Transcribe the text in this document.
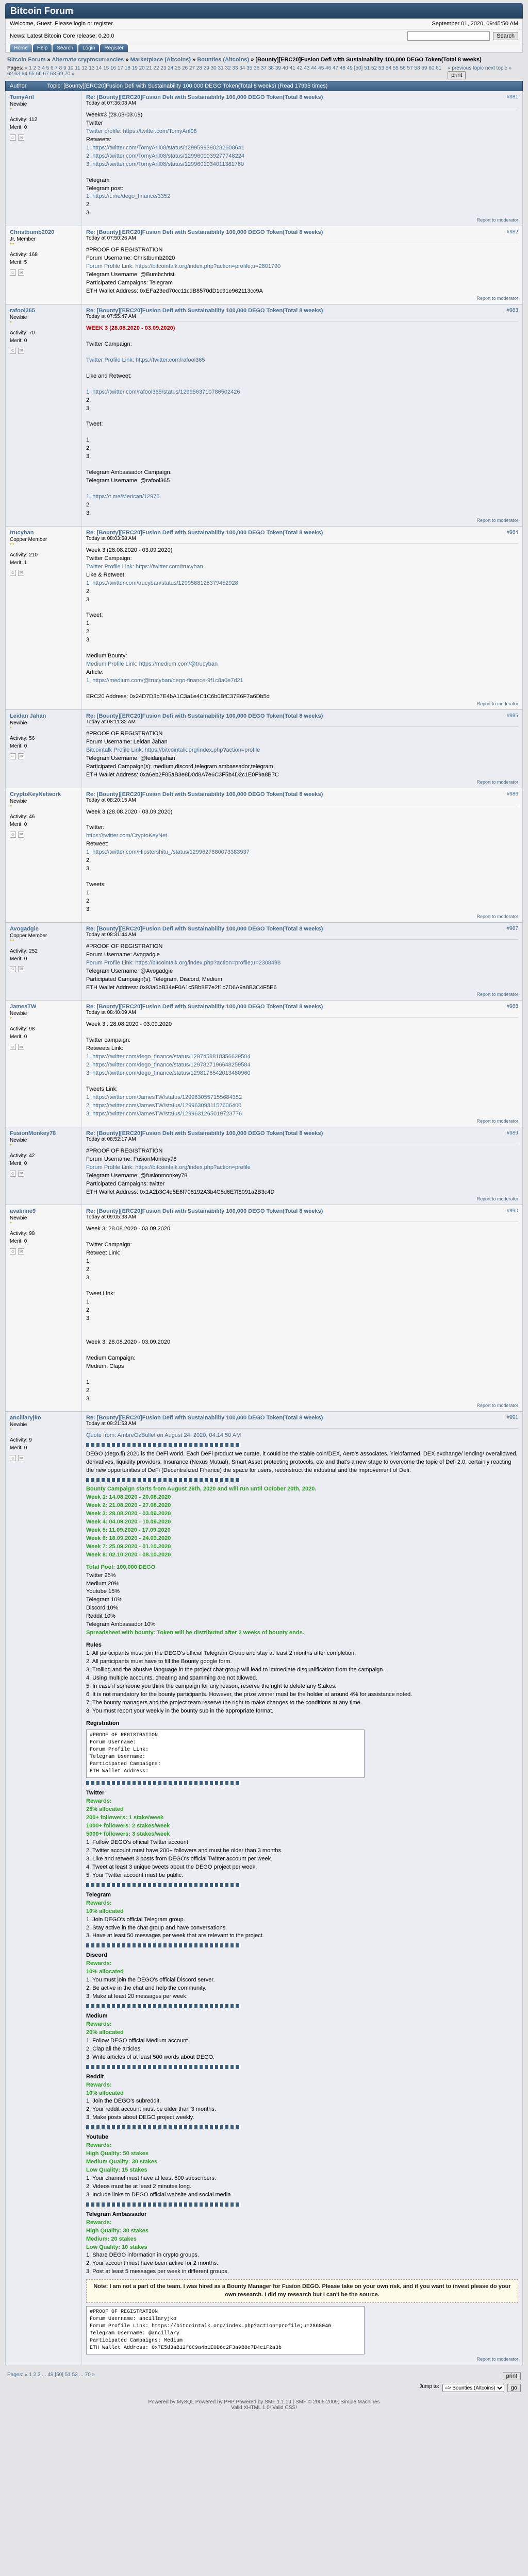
Bitcoin Forum
Welcome, Guest. Please login or register.	September 01, 2020, 09:45:50 AM
News: Latest Bitcoin Core release: 0.20.0	Search
Home	Help	Search	Login	Register
Bitcoin Forum » Alternate cryptocurrencies » Marketplace (Altcoins) » Bounties (Altcoins) » [Bounty][ERC20]Fusion Defi with Sustainability 100,000 DEGO Token(Total 8 weeks)
Pages: « 1 2 3 4 5 6 7 8 9 10 11 12 13 14 15 16 17 18 19 20 21 22 23 24 25 26 27 28 29 30 31 32 33 34 35 36 37 38 39 40 41 42 43 44 45 46 47 48 49 [50] 51 52 53 54 55 56 57 58 59 60 61 62 63 64 65 66 67 68 69 70 »
« previous topic next topic » print
Author	Topic: [Bounty][ERC20]Fusion Defi with Sustainability 100,000 DEGO Token(Total 8 weeks) (Read 17995 times)
TomyAril
Newbie
*
Activity: 112
Merit: 0
☺	✉
Re: [Bounty][ERC20]Fusion Defi with Sustainability 100,000 DEGO Token(Total 8 weeks)
Today at 07:36:03 AM
#981
Week#3 (28.08-03.09)
Twitter
Twitter profile: https://twitter.com/TomyAril08
Retweets:
1. https://twitter.com/TomyAril08/status/1299599390282608641
2. https://twitter.com/TomyAril08/status/1299600039277748224
3. https://twitter.com/TomyAril08/status/1299601034011381760
Telegram
Telegram post:
1. https://t.me/dego_finance/3352
2.
3.
Report to moderator
Christbumb2020
Jr. Member
**
Activity: 168
Merit: 5
☺	✉
Re: [Bounty][ERC20]Fusion Defi with Sustainability 100,000 DEGO Token(Total 8 weeks)
Today at 07:50:26 AM
#982
#PROOF OF REGISTRATION
Forum Username: Christbumb2020
Forum Profile Link: https://bitcointalk.org/index.php?action=profile;u=2801790
Telegram Username: @Bumbchrist
Participated Campaigns: Telegram
ETH Wallet Address: 0xEFa23ed70cc11cdB8570dD1c91e962113cc9A
Report to moderator
rafool365
Newbie
*
Activity: 70
Merit: 0
☺	✉
Re: [Bounty][ERC20]Fusion Defi with Sustainability 100,000 DEGO Token(Total 8 weeks)
Today at 07:55:47 AM
#983
WEEK 3 (28.08.2020 - 03.09.2020)
Twitter Campaign:
Twitter Profile Link: https://twitter.com/rafool365
Like and Retweet:
1. https://twitter.com/rafool365/status/1299563710786502426
2.
3.
Tweet:
1.
2.
3.
Telegram Ambassador Campaign:
Telegram Username: @rafool365
1. https://t.me/Merican/12975
2.
3.
Report to moderator
trucyban
Copper Member
**
Activity: 210
Merit: 1
☺	✉
Re: [Bounty][ERC20]Fusion Defi with Sustainability 100,000 DEGO Token(Total 8 weeks)
Today at 08:03:58 AM
#984
Week 3 (28.08.2020 - 03.09.2020)
Twitter Campaign:
Twitter Profile Link: https://twitter.com/trucyban
Like & Retweet:
1. https://twitter.com/trucyban/status/1299588125379452928
2.
3.
Tweet:
1.
2.
3.
Medium Bounty:
Medium Profile Link: https://medium.com/@trucyban
Article:
1. https://medium.com/@trucyban/dego-finance-9f1c8a0e7d21
ERC20 Address: 0x24D7D3b7E4bA1C3a1e4C1C6b0BfC37E6F7a6Db5d
Report to moderator
Leidan Jahan
Newbie
*
Activity: 56
Merit: 0
☺	✉
Re: [Bounty][ERC20]Fusion Defi with Sustainability 100,000 DEGO Token(Total 8 weeks)
Today at 08:11:32 AM
#985
#PROOF OF REGISTRATION
Forum Username: Leidan Jahan
Bitcointalk Profile Link: https://bitcointalk.org/index.php?action=profile
Telegram Username: @leidanjahan
Participated Campaign(s): medium,discord,telegram ambassador,telegram
ETH Wallet Address: 0xa6eb2F85aB3e8D0d8A7e6C3F5b4D2c1E0F9a8B7C
Report to moderator
CryptoKeyNetwork
Newbie
*
Activity: 46
Merit: 0
☺	✉
Re: [Bounty][ERC20]Fusion Defi with Sustainability 100,000 DEGO Token(Total 8 weeks)
Today at 08:20:15 AM
#986
Week 3 (28.08.2020 - 03.09.2020)
Twitter:
https://twitter.com/CryptoKeyNet
Retweet:
1. https://twitter.com/Hipstershitu_/status/1299627880073383937
2.
3.
Tweets:
1.
2.
3.
Report to moderator
Avogadgie
Copper Member
**
Activity: 252
Merit: 0
☺	✉
Re: [Bounty][ERC20]Fusion Defi with Sustainability 100,000 DEGO Token(Total 8 weeks)
Today at 08:31:44 AM
#987
#PROOF OF REGISTRATION
Forum Username: Avogadgie
Forum Profile Link: https://bitcointalk.org/index.php?action=profile;u=2308498
Telegram Username: @Avogadgie
Participated Campaign(s): Telegram, Discord, Medium
ETH Wallet Address: 0x93a6bB34eF0A1c5Bb8E7e2f1c7D6A9a8B3C4F5E6
Report to moderator
JamesTW
Newbie
*
Activity: 98
Merit: 0
☺	✉
Re: [Bounty][ERC20]Fusion Defi with Sustainability 100,000 DEGO Token(Total 8 weeks)
Today at 08:40:09 AM
#988
Week 3 : 28.08.2020 - 03.09.2020
Twitter campaign:
Retweets Link:
1. https://twitter.com/dego_finance/status/1297458818356629504
2. https://twitter.com/dego_finance/status/1297827196648259584
3. https://twitter.com/dego_finance/status/1298176542013480960
Tweets Link:
1. https://twitter.com/JamesTW/status/1299630557155684352
2. https://twitter.com/JamesTW/status/1299630931157606400
3. https://twitter.com/JamesTW/status/1299631265019723776
Report to moderator
FusionMonkey78
Newbie
*
Activity: 42
Merit: 0
☺	✉
Re: [Bounty][ERC20]Fusion Defi with Sustainability 100,000 DEGO Token(Total 8 weeks)
Today at 08:52:17 AM
#989
#PROOF OF REGISTRATION
Forum Username: FusionMonkey78
Forum Profile Link: https://bitcointalk.org/index.php?action=profile
Telegram Username: @fusionmonkey78
Participated Campaigns: twitter
ETH Wallet Address: 0x1A2b3C4d5E6f708192A3b4C5d6E7f8091a2B3c4D
Report to moderator
avalinne9
Newbie
*
Activity: 98
Merit: 0
☺	✉
Re: [Bounty][ERC20]Fusion Defi with Sustainability 100,000 DEGO Token(Total 8 weeks)
Today at 09:05:38 AM
#990
Week 3: 28.08.2020 - 03.09.2020
Twitter Campaign:
Retweet Link:
1.
2.
3.
Tweet Link:
1.
2.
3.
Week 3: 28.08.2020 - 03.09.2020
Medium Campaign:
Medium: Claps
1.
2.
3.
Report to moderator
ancillaryjko
Newbie
*
Activity: 9
Merit: 0
☺	✉
Re: [Bounty][ERC20]Fusion Defi with Sustainability 100,000 DEGO Token(Total 8 weeks)
Today at 09:21:53 AM
#991
Quote from: AmbreOzBullet on August 24, 2020, 04:14:50 AM
DEGO (dego.fi) 2020 is the DeFi world. Each DeFi product we curate, it could be the stable coin/DEX, Aero's associates, Yieldfarmed, DEX exchange/ lending/ overallowed, derivatives, liquidity providers, Insurance (Nexus Mutual), Smart Asset protecting protocols, etc and that's a new stage to overcome the topic of Defi 2.0, certainly reacting the new opportunities of DeFi (Decentralized Finance) the space for users, reconstruct the industrial and the improvement of Defi.
Bounty Campaign starts from August 26th, 2020 and will run until October 20th, 2020.
Week 1: 14.08.2020 - 20.08.2020
Week 2: 21.08.2020 - 27.08.2020
Week 3: 28.08.2020 - 03.09.2020
Week 4: 04.09.2020 - 10.09.2020
Week 5: 11.09.2020 - 17.09.2020
Week 6: 18.09.2020 - 24.09.2020
Week 7: 25.09.2020 - 01.10.2020
Week 8: 02.10.2020 - 08.10.2020
Total Pool: 100,000 DEGO
Twitter 25%
Medium 20%
Youtube 15%
Telegram 10%
Discord 10%
Reddit 10%
Telegram Ambassador 10%
Spreadsheet with bounty: Token will be distributed after 2 weeks of bounty ends.
Rules
1. All participants must join the DEGO's official Telegram Group and stay at least 2 months after completion.
2. All participants must have to fill the Bounty google form.
3. Trolling and the abusive language in the project chat group will lead to immediate disqualification from the campaign.
4. Using multiple accounts, cheating and spamming are not allowed.
5. In case if someone you think the campaign for any reason, reserve the right to delete any Stakes.
6. It is not mandatory for the bounty participants. However, the prize winner must be the holder at around 4% for assistance noted.
7. The bounty managers and the project team reserve the right to make changes to the conditions at any time.
8. You must report your weekly in the bounty sub in the appropriate format.
Registration
#PROOF OF REGISTRATION
Forum Username:
Forum Profile Link:
Telegram Username:
Participated Campaigns:
ETH Wallet Address:
Twitter
Rewards:
25% allocated
200+ followers: 1 stake/week
1000+ followers: 2 stakes/week
5000+ followers: 3 stakes/week
1. Follow DEGO's official Twitter account.
2. Twitter account must have 200+ followers and must be older than 3 months.
3. Like and retweet 3 posts from DEGO's official Twitter account per week.
4. Tweet at least 3 unique tweets about the DEGO project per week.
5. Your Twitter account must be public.
Telegram
Rewards:
10% allocated
1. Join DEGO's official Telegram group.
2. Stay active in the chat group and have conversations.
3. Have at least 50 messages per week that are relevant to the project.
Discord
Rewards:
10% allocated
1. You must join the DEGO's official Discord server.
2. Be active in the chat and help the community.
3. Make at least 20 messages per week.
Medium
Rewards:
20% allocated
1. Follow DEGO official Medium account.
2. Clap all the articles.
3. Write articles of at least 500 words about DEGO.
Reddit
Rewards:
10% allocated
1. Join the DEGO's subreddit.
2. Your reddit account must be older than 3 months.
3. Make posts about DEGO project weekly.
Youtube
Rewards:
High Quality: 50 stakes
Medium Quality: 30 stakes
Low Quality: 15 stakes
1. Your channel must have at least 500 subscribers.
2. Videos must be at least 2 minutes long.
3. Include links to DEGO official website and social media.
Telegram Ambassador
Rewards:
High Quality: 30 stakes
Medium: 20 stakes
Low Quality: 10 stakes
1. Share DEGO information in crypto groups.
2. Your account must have been active for 2 months.
3. Post at least 5 messages per week in different groups.
Note: I am not a part of the team. I was hired as a Bounty Manager for Fusion DEGO. Please take on your own risk, and if you want to invest please do your own research. I did my research but I can't be the source.
#PROOF OF REGISTRATION
Forum Username: ancillaryjko
Forum Profile Link: https://bitcointalk.org/index.php?action=profile;u=2868046
Telegram Username: @ancillary
Participated Campaigns: Medium
ETH Wallet Address: 0x7E5d3aB12f8C9a4b1E0D6c2F3a9B8e7D4c1F2a3b
Report to moderator
Pages: « 1 2 3 ... 49 [50] 51 52 ... 70 »	print
Jump to:
=> Bounties (Altcoins)	go
Powered by MySQL Powered by PHP Powered by SMF 1.1.19 | SMF © 2006-2009, Simple Machines
Valid XHTML 1.0! Valid CSS!
